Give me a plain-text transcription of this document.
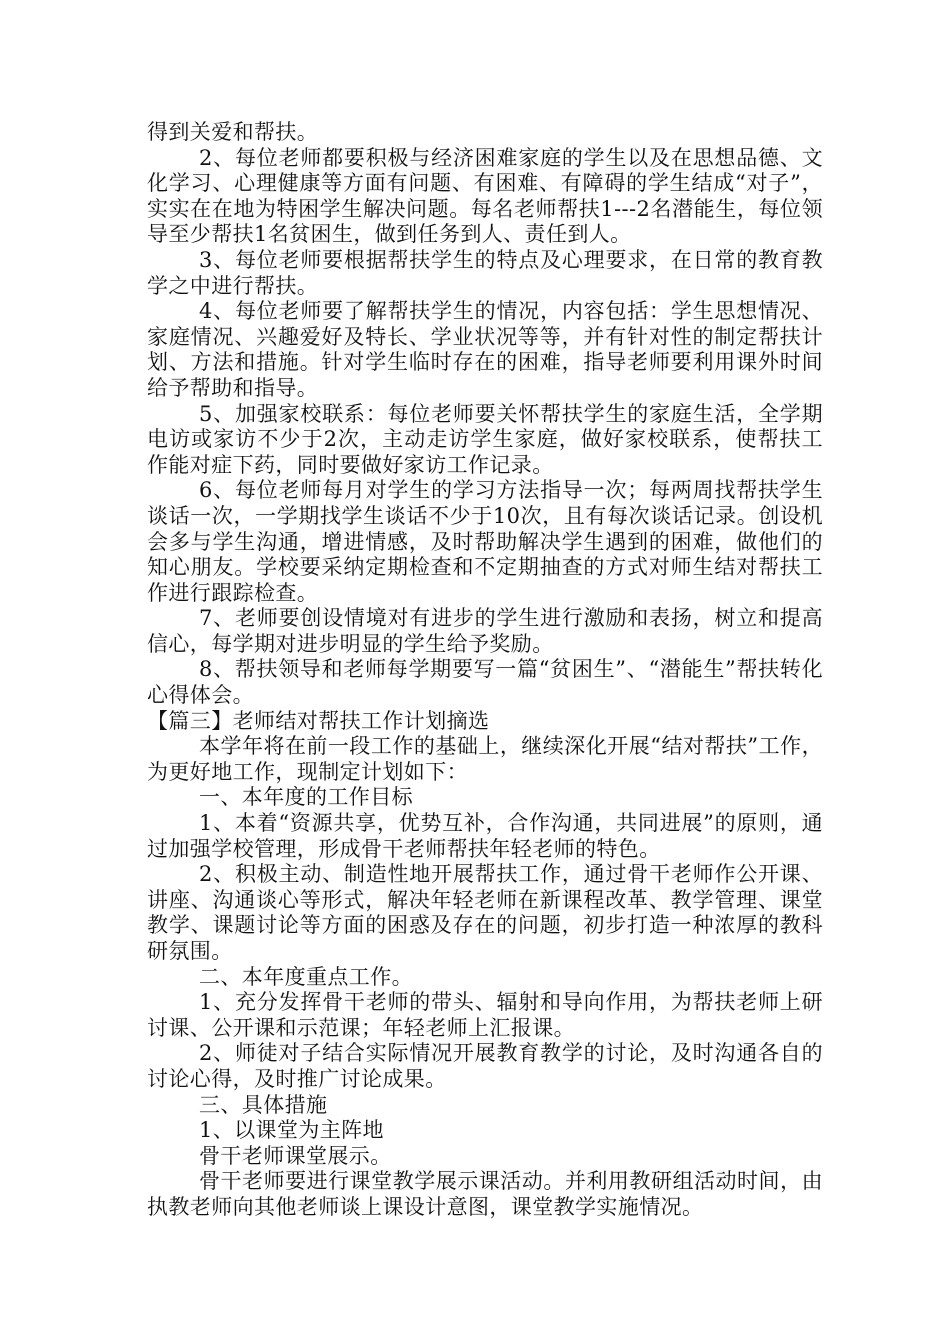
得到关爱和帮扶。

2、每位老师都要积极与经济困难家庭的学生以及在思想品德、文化学习、心理健康等方面有问题、有困难、有障碍的学生结成“对子”，实实在在地为特困学生解决问题。每名老师帮扶1---2名潜能生，每位领导至少帮扶1名贫困生，做到任务到人、责任到人。

3、每位老师要根据帮扶学生的特点及心理要求，在日常的教育教学之中进行帮扶。

4、每位老师要了解帮扶学生的情况，内容包括：学生思想情况、家庭情况、兴趣爱好及特长、学业状况等等，并有针对性的制定帮扶计划、方法和措施。针对学生临时存在的困难，指导老师要利用课外时间给予帮助和指导。

5、加强家校联系：每位老师要关怀帮扶学生的家庭生活，全学期电访或家访不少于2次，主动走访学生家庭，做好家校联系，使帮扶工作能对症下药，同时要做好家访工作记录。

6、每位老师每月对学生的学习方法指导一次；每两周找帮扶学生谈话一次，一学期找学生谈话不少于10次，且有每次谈话记录。创设机会多与学生沟通，增进情感，及时帮助解决学生遇到的困难，做他们的知心朋友。学校要采纳定期检查和不定期抽查的方式对师生结对帮扶工作进行跟踪检查。

7、老师要创设情境对有进步的学生进行激励和表扬，树立和提高信心，每学期对进步明显的学生给予奖励。

8、帮扶领导和老师每学期要写一篇“贫困生”、“潜能生”帮扶转化心得体会。

【篇三】老师结对帮扶工作计划摘选

本学年将在前一段工作的基础上，继续深化开展“结对帮扶”工作，为更好地工作，现制定计划如下：

一、本年度的工作目标

1、本着“资源共享，优势互补，合作沟通，共同进展”的原则，通过加强学校管理，形成骨干老师帮扶年轻老师的特色。

2、积极主动、制造性地开展帮扶工作，通过骨干老师作公开课、讲座、沟通谈心等形式，解决年轻老师在新课程改革、教学管理、课堂教学、课题讨论等方面的困惑及存在的问题，初步打造一种浓厚的教科研氛围。

二、本年度重点工作。

1、充分发挥骨干老师的带头、辐射和导向作用，为帮扶老师上研讨课、公开课和示范课；年轻老师上汇报课。

2、师徒对子结合实际情况开展教育教学的讨论，及时沟通各自的讨论心得，及时推广讨论成果。

三、具体措施

1、以课堂为主阵地

骨干老师课堂展示。

骨干老师要进行课堂教学展示课活动。并利用教研组活动时间，由执教老师向其他老师谈上课设计意图，课堂教学实施情况。
